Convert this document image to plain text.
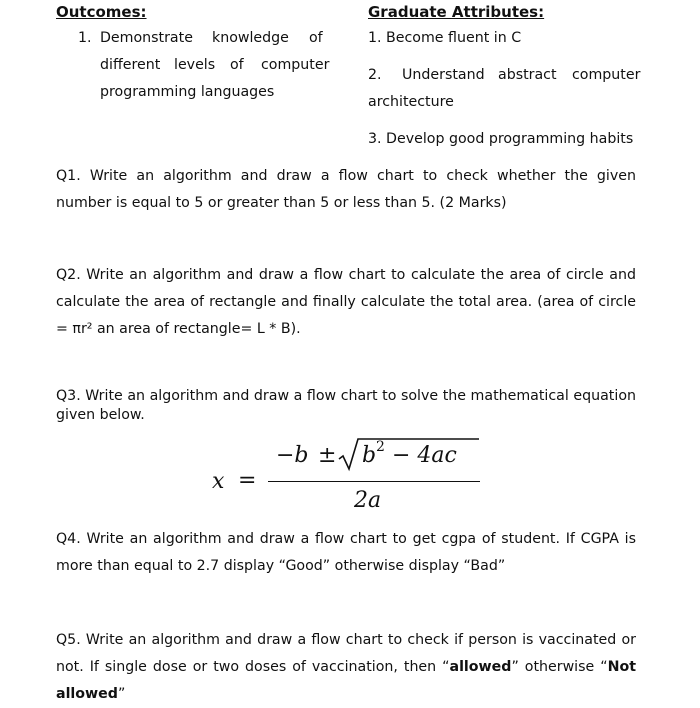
Outcomes:
1. Demonstrate knowledge of
different levels of computer
programming languages
Graduate Attributes:
1. Become fluent in C
2. Understand abstract computer
architecture
3. Develop good programming habits
Q1. Write an algorithm and draw a flow chart to check whether the given number is equal to 5 or greater than 5 or less than 5. (2 Marks)
Q2. Write an algorithm and draw a flow chart to calculate the area of circle and calculate the area of rectangle and finally calculate the total area. (area of circle = πr² an area of rectangle= L * B).
Q3. Write an algorithm and draw a flow chart to solve the mathematical equation given below.
x =
−b ± b 2 − 4ac
2a
Q4. Write an algorithm and draw a flow chart to get cgpa of student. If CGPA is more than equal to 2.7 display “Good” otherwise display “Bad”
Q5. Write an algorithm and draw a flow chart to check if person is vaccinated or not. If single dose or two doses of vaccination, then “allowed” otherwise “Not allowed”
